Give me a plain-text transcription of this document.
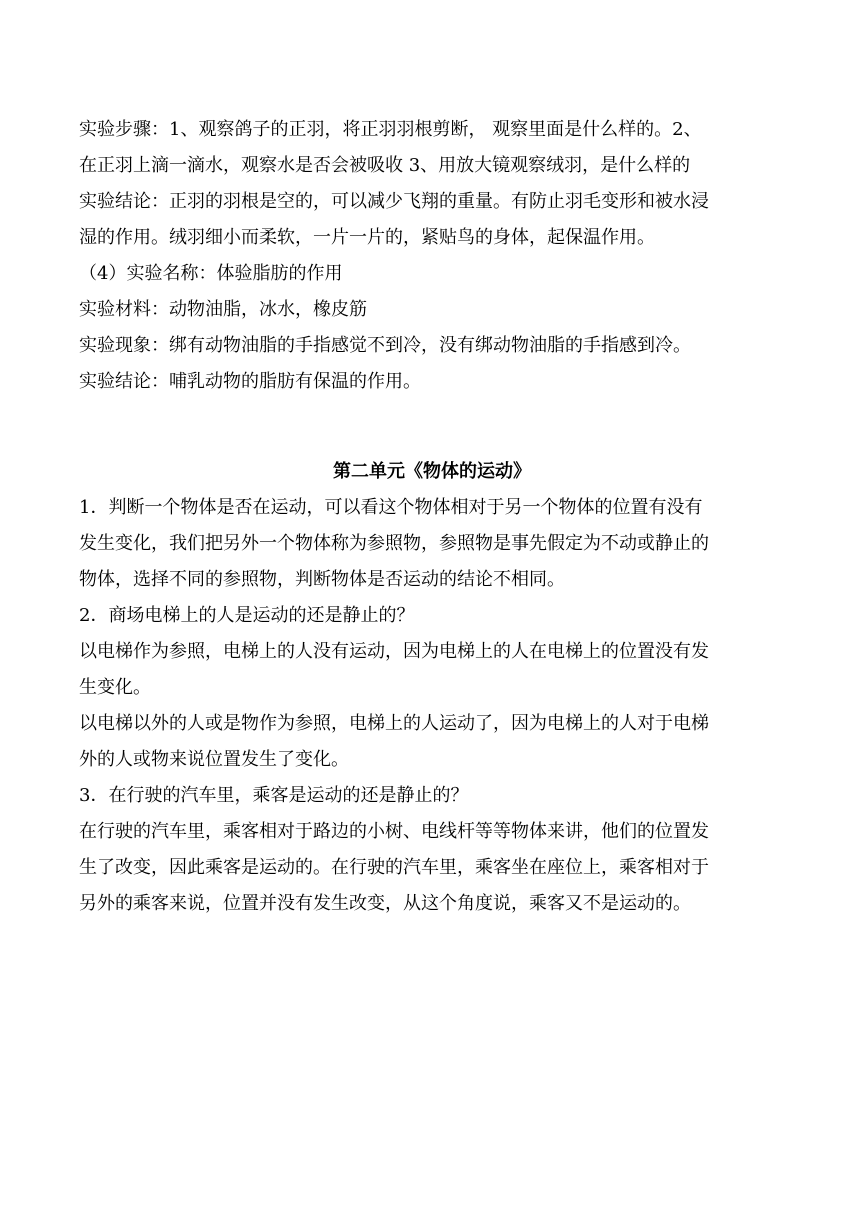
实验步骤：1、观察鸽子的正羽，将正羽羽根剪断， 观察里面是什么样的。2、
在正羽上滴一滴水，观察水是否会被吸收 3、用放大镜观察绒羽，是什么样的
实验结论：正羽的羽根是空的，可以减少飞翔的重量。有防止羽毛变形和被水浸
湿的作用。绒羽细小而柔软，一片一片的，紧贴鸟的身体，起保温作用。
（4）实验名称：体验脂肪的作用
实验材料：动物油脂，冰水，橡皮筋
实验现象：绑有动物油脂的手指感觉不到冷，没有绑动物油脂的手指感到冷。
实验结论：哺乳动物的脂肪有保温的作用。
第二单元《物体的运动》
1．判断一个物体是否在运动，可以看这个物体相对于另一个物体的位置有没有
发生变化，我们把另外一个物体称为参照物，参照物是事先假定为不动或静止的
物体，选择不同的参照物，判断物体是否运动的结论不相同。
2．商场电梯上的人是运动的还是静止的？
以电梯作为参照，电梯上的人没有运动，因为电梯上的人在电梯上的位置没有发
生变化。
以电梯以外的人或是物作为参照，电梯上的人运动了，因为电梯上的人对于电梯
外的人或物来说位置发生了变化。
3．在行驶的汽车里，乘客是运动的还是静止的？
在行驶的汽车里，乘客相对于路边的小树、电线杆等等物体来讲，他们的位置发
生了改变，因此乘客是运动的。在行驶的汽车里，乘客坐在座位上，乘客相对于
另外的乘客来说，位置并没有发生改变，从这个角度说，乘客又不是运动的。
